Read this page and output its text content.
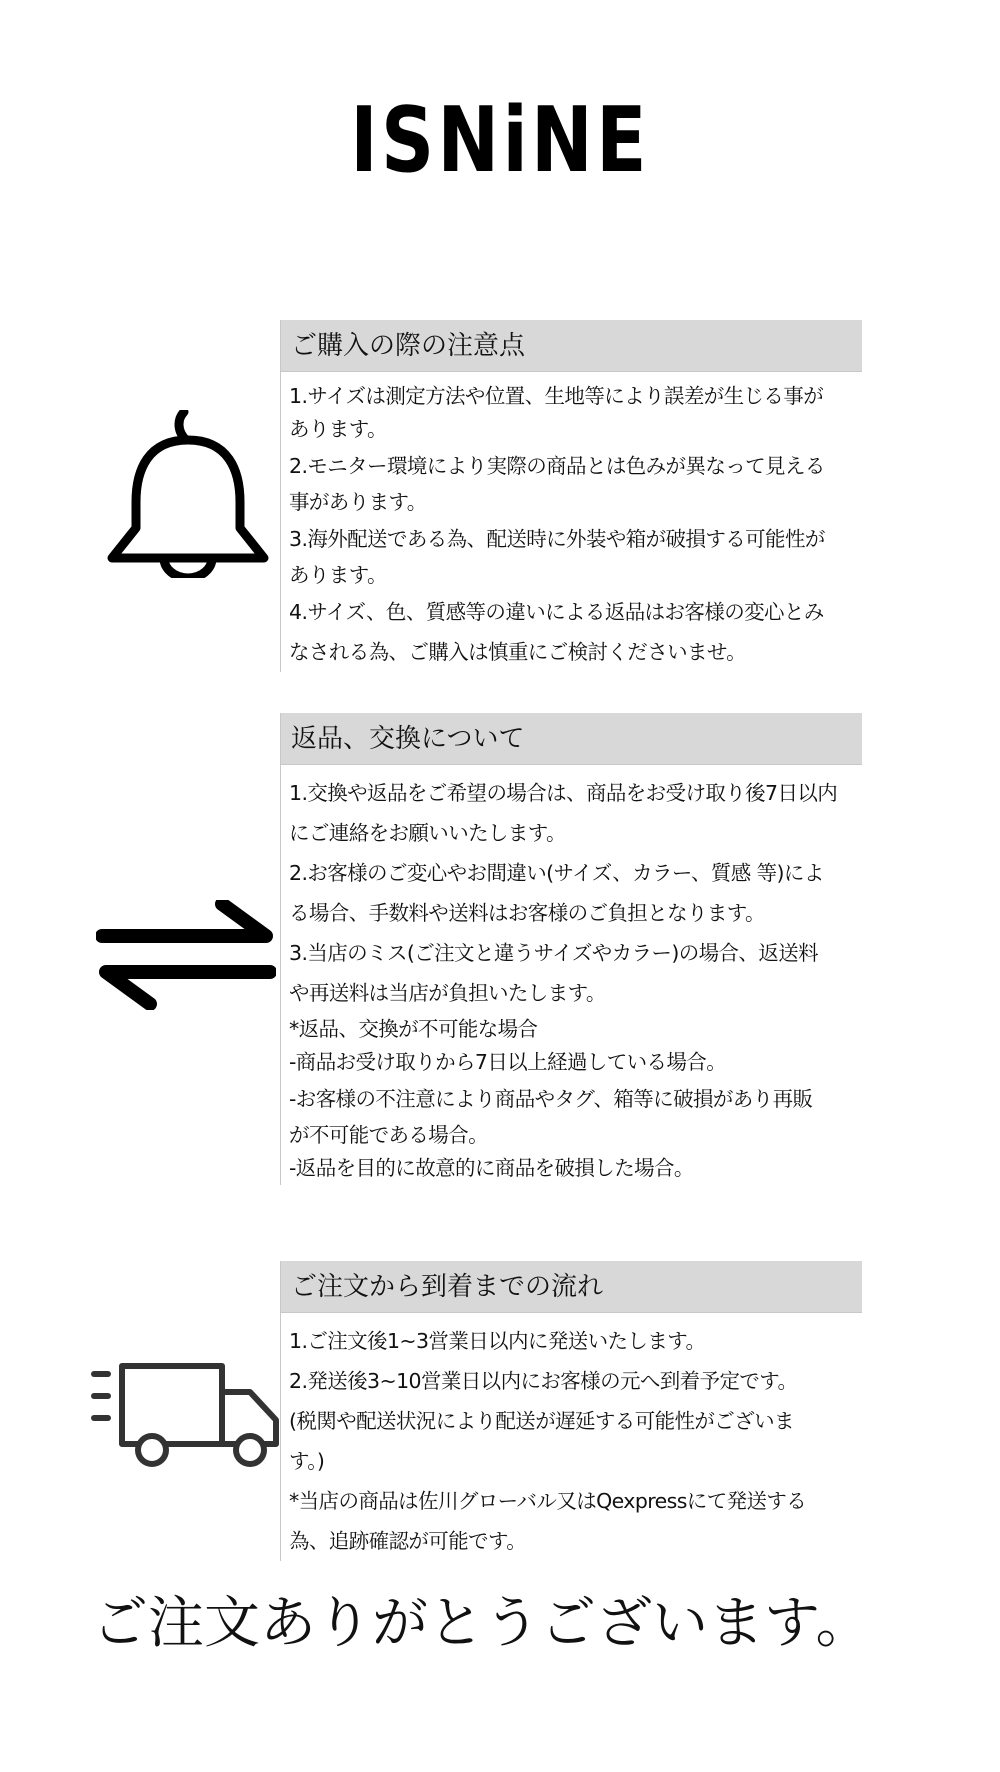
ISNiNE
ご購入の際の注意点
1.サイズは測定方法や位置、生地等により誤差が生じる事が
あります。
2.モニター環境により実際の商品とは色みが異なって見える
事があります。
3.海外配送である為、配送時に外装や箱が破損する可能性が
あります。
4.サイズ、色、質感等の違いによる返品はお客様の変心とみ
なされる為、ご購入は慎重にご検討くださいませ。
返品、交換について
1.交換や返品をご希望の場合は、商品をお受け取り後7日以内
にご連絡をお願いいたします。
2.お客様のご変心やお間違い(サイズ、カラー、質感 等)によ
る場合、手数料や送料はお客様のご負担となります。
3.当店のミス(ご注文と違うサイズやカラー)の場合、返送料
や再送料は当店が負担いたします。
*返品、交換が不可能な場合
-商品お受け取りから7日以上経過している場合。
-お客様の不注意により商品やタグ、箱等に破損があり再販
が不可能である場合。
-返品を目的に故意的に商品を破損した場合。
ご注文から到着までの流れ
1.ご注文後1~3営業日以内に発送いたします。
2.発送後3~10営業日以内にお客様の元へ到着予定です。
(税関や配送状況により配送が遅延する可能性がございま
す。)
*当店の商品は佐川グローバル又はQexpressにて発送する
為、追跡確認が可能です。
ご注文ありがとうございます。
